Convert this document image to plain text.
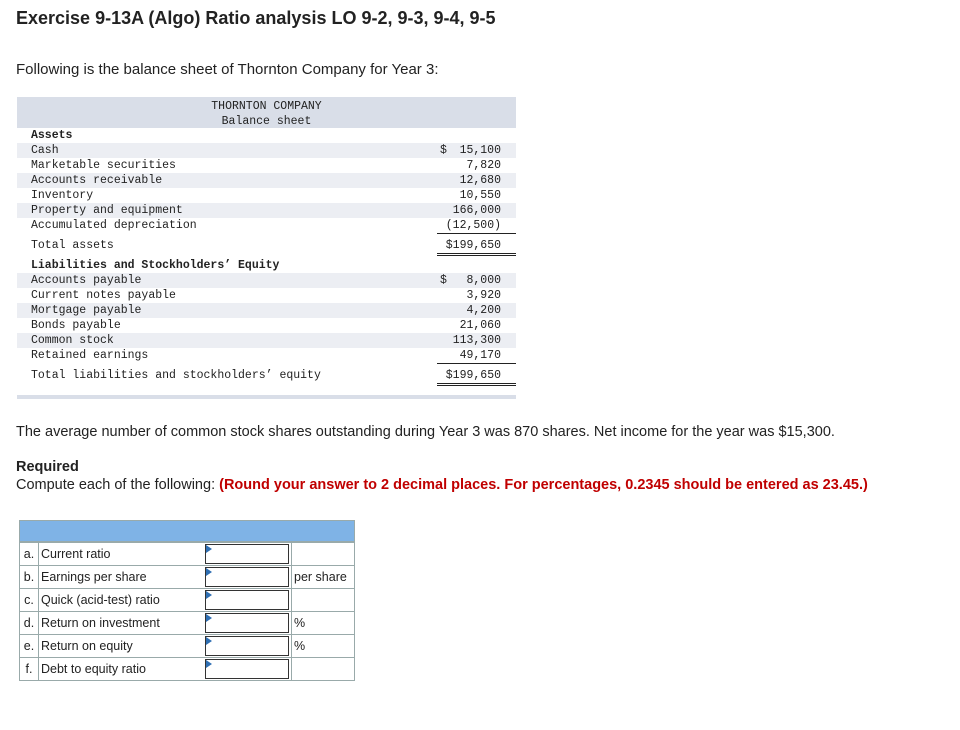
Exercise 9-13A (Algo) Ratio analysis LO 9-2, 9-3, 9-4, 9-5
Following is the balance sheet of Thornton Company for Year 3:
THORNTON COMPANY
Balance sheet
Assets
Cash	$ 15,100
Marketable securities	7,820
Accounts receivable	12,680
Inventory	10,550
Property and equipment	166,000
Accumulated depreciation	(12,500)
Total assets	$199,650
Liabilities and Stockholders’ Equity
Accounts payable	$ 8,000
Current notes payable	3,920
Mortgage payable	4,200
Bonds payable	21,060
Common stock	113,300
Retained earnings	49,170
Total liabilities and stockholders’ equity	$199,650
The average number of common stock shares outstanding during Year 3 was 870 shares. Net income for the year was $15,300.
Required
Compute each of the following: (Round your answer to 2 decimal places. For percentages, 0.2345 should be entered as 23.45.)
a. Current ratio
b. Earnings per share	per share
c. Quick (acid-test) ratio
d. Return on investment	%
e. Return on equity	%
f. Debt to equity ratio
